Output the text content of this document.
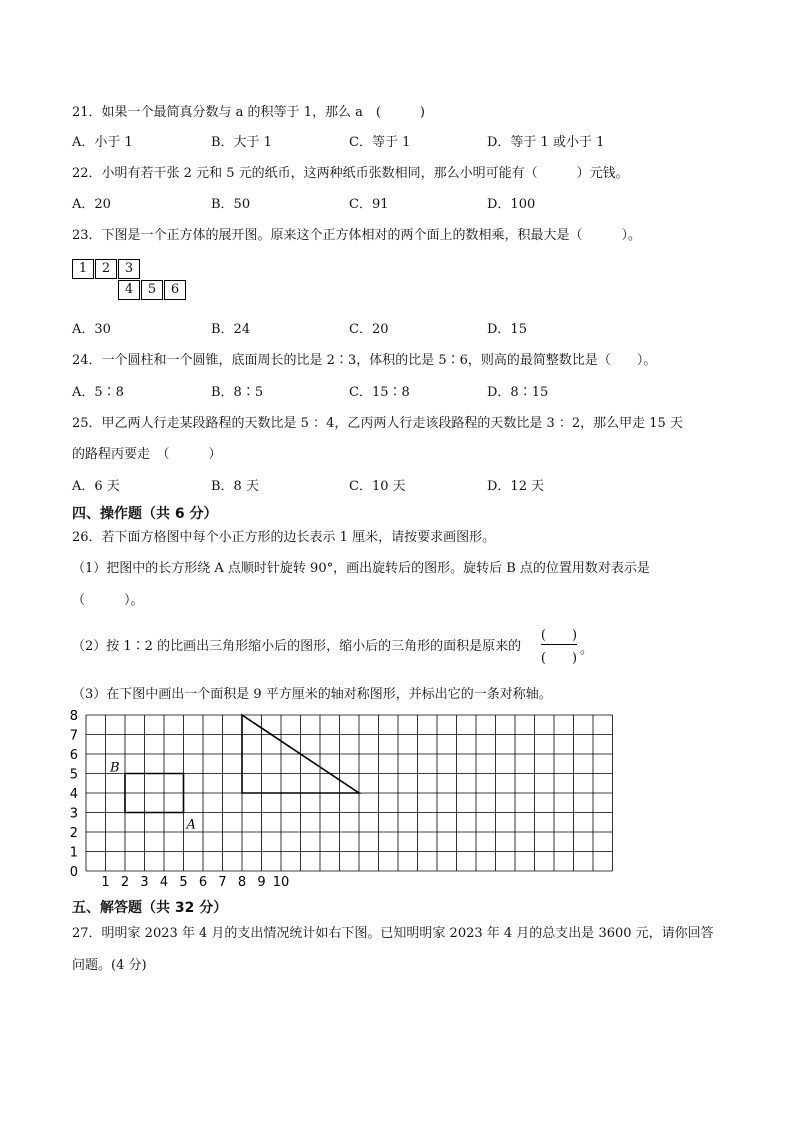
21．如果一个最简真分数与 a 的积等于 1，那么 a　(　　　)
A．小于 1	B．大于 1	C．等于 1	D．等于 1 或小于 1
22．小明有若干张 2 元和 5 元的纸币，这两种纸币张数相同，那么小明可能有（　　　）元钱。
A．20	B．50	C．91	D．100
23．下图是一个正方体的展开图。原来这个正方体相对的两个面上的数相乘，积最大是（　　　）。
1	2	3
4	5	6
A．30	B．24	C．20	D．15
24．一个圆柱和一个圆锥，底面周长的比是 2∶3，体积的比是 5∶6，则高的最简整数比是（　　）。
A．5∶8	B．8∶5	C．15∶8	D．8∶15
25．甲乙两人行走某段路程的天数比是 5 ：4，乙丙两人行走该段路程的天数比是 3 ：2，那么甲走 15 天
的路程丙要走　（　　　）
A．6 天	B．8 天	C．10 天	D．12 天
四、操作题（共 6 分）
26．若下面方格图中每个小正方形的边长表示 1 厘米，请按要求画图形。
（1）把图中的长方形绕 A 点顺时针旋转 90°，画出旋转后的图形。旋转后 B 点的位置用数对表示是
（　　　）。
（2）按 1∶2 的比画出三角形缩小后的图形，缩小后的三角形的面积是原来的
(　　)
(　　)
。
（3）在下图中画出一个面积是 9 平方厘米的轴对称图形，并标出它的一条对称轴。
0
1
2
3
4
5
6
7
8
1 2 3 4 5 6 7 8 9 10
B
A
五、解答题（共 32 分）
27．明明家 2023 年 4 月的支出情况统计如右下图。已知明明家 2023 年 4 月的总支出是 3600 元，请你回答
问题。(4 分)
